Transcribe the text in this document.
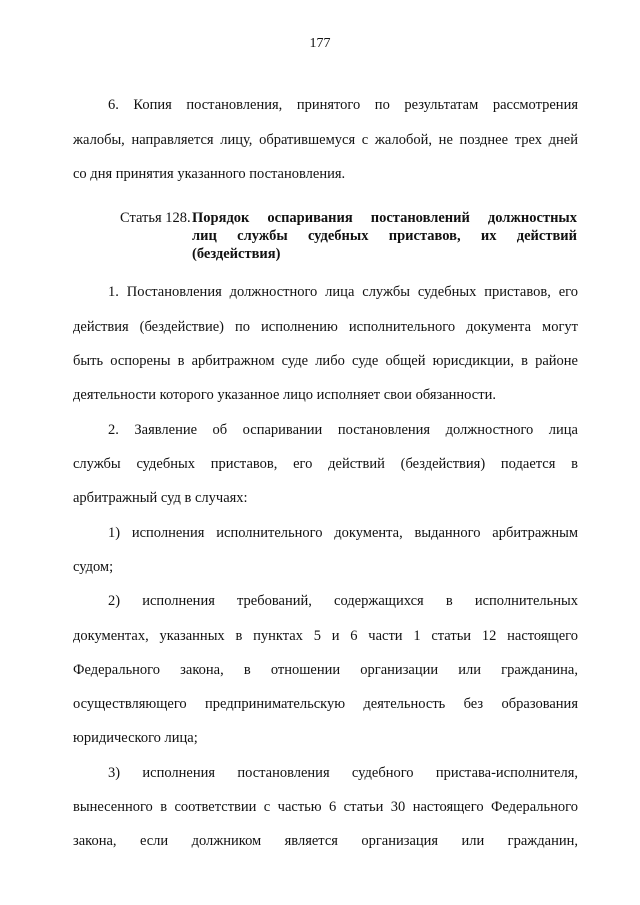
177
6. Копия постановления, принятого по результатам рассмотрения
жалобы, направляется лицу, обратившемуся с жалобой, не позднее трех дней
со дня принятия указанного постановления.
Статья 128. Порядок оспаривания постановлений должностных
лиц службы судебных приставов, их действий
(бездействия)
1. Постановления должностного лица службы судебных приставов, его
действия (бездействие) по исполнению исполнительного документа могут
быть оспорены в арбитражном суде либо суде общей юрисдикции, в районе
деятельности которого указанное лицо исполняет свои обязанности.
2. Заявление об оспаривании постановления должностного лица
службы судебных приставов, его действий (бездействия) подается в
арбитражный суд в случаях:
1) исполнения исполнительного документа, выданного арбитражным
судом;
2) исполнения требований, содержащихся в исполнительных
документах, указанных в пунктах 5 и 6 части 1 статьи 12 настоящего
Федерального закона, в отношении организации или гражданина,
осуществляющего предпринимательскую деятельность без образования
юридического лица;
3) исполнения постановления судебного пристава-исполнителя,
вынесенного в соответствии с частью 6 статьи 30 настоящего Федерального
закона, если должником является организация или гражданин,
